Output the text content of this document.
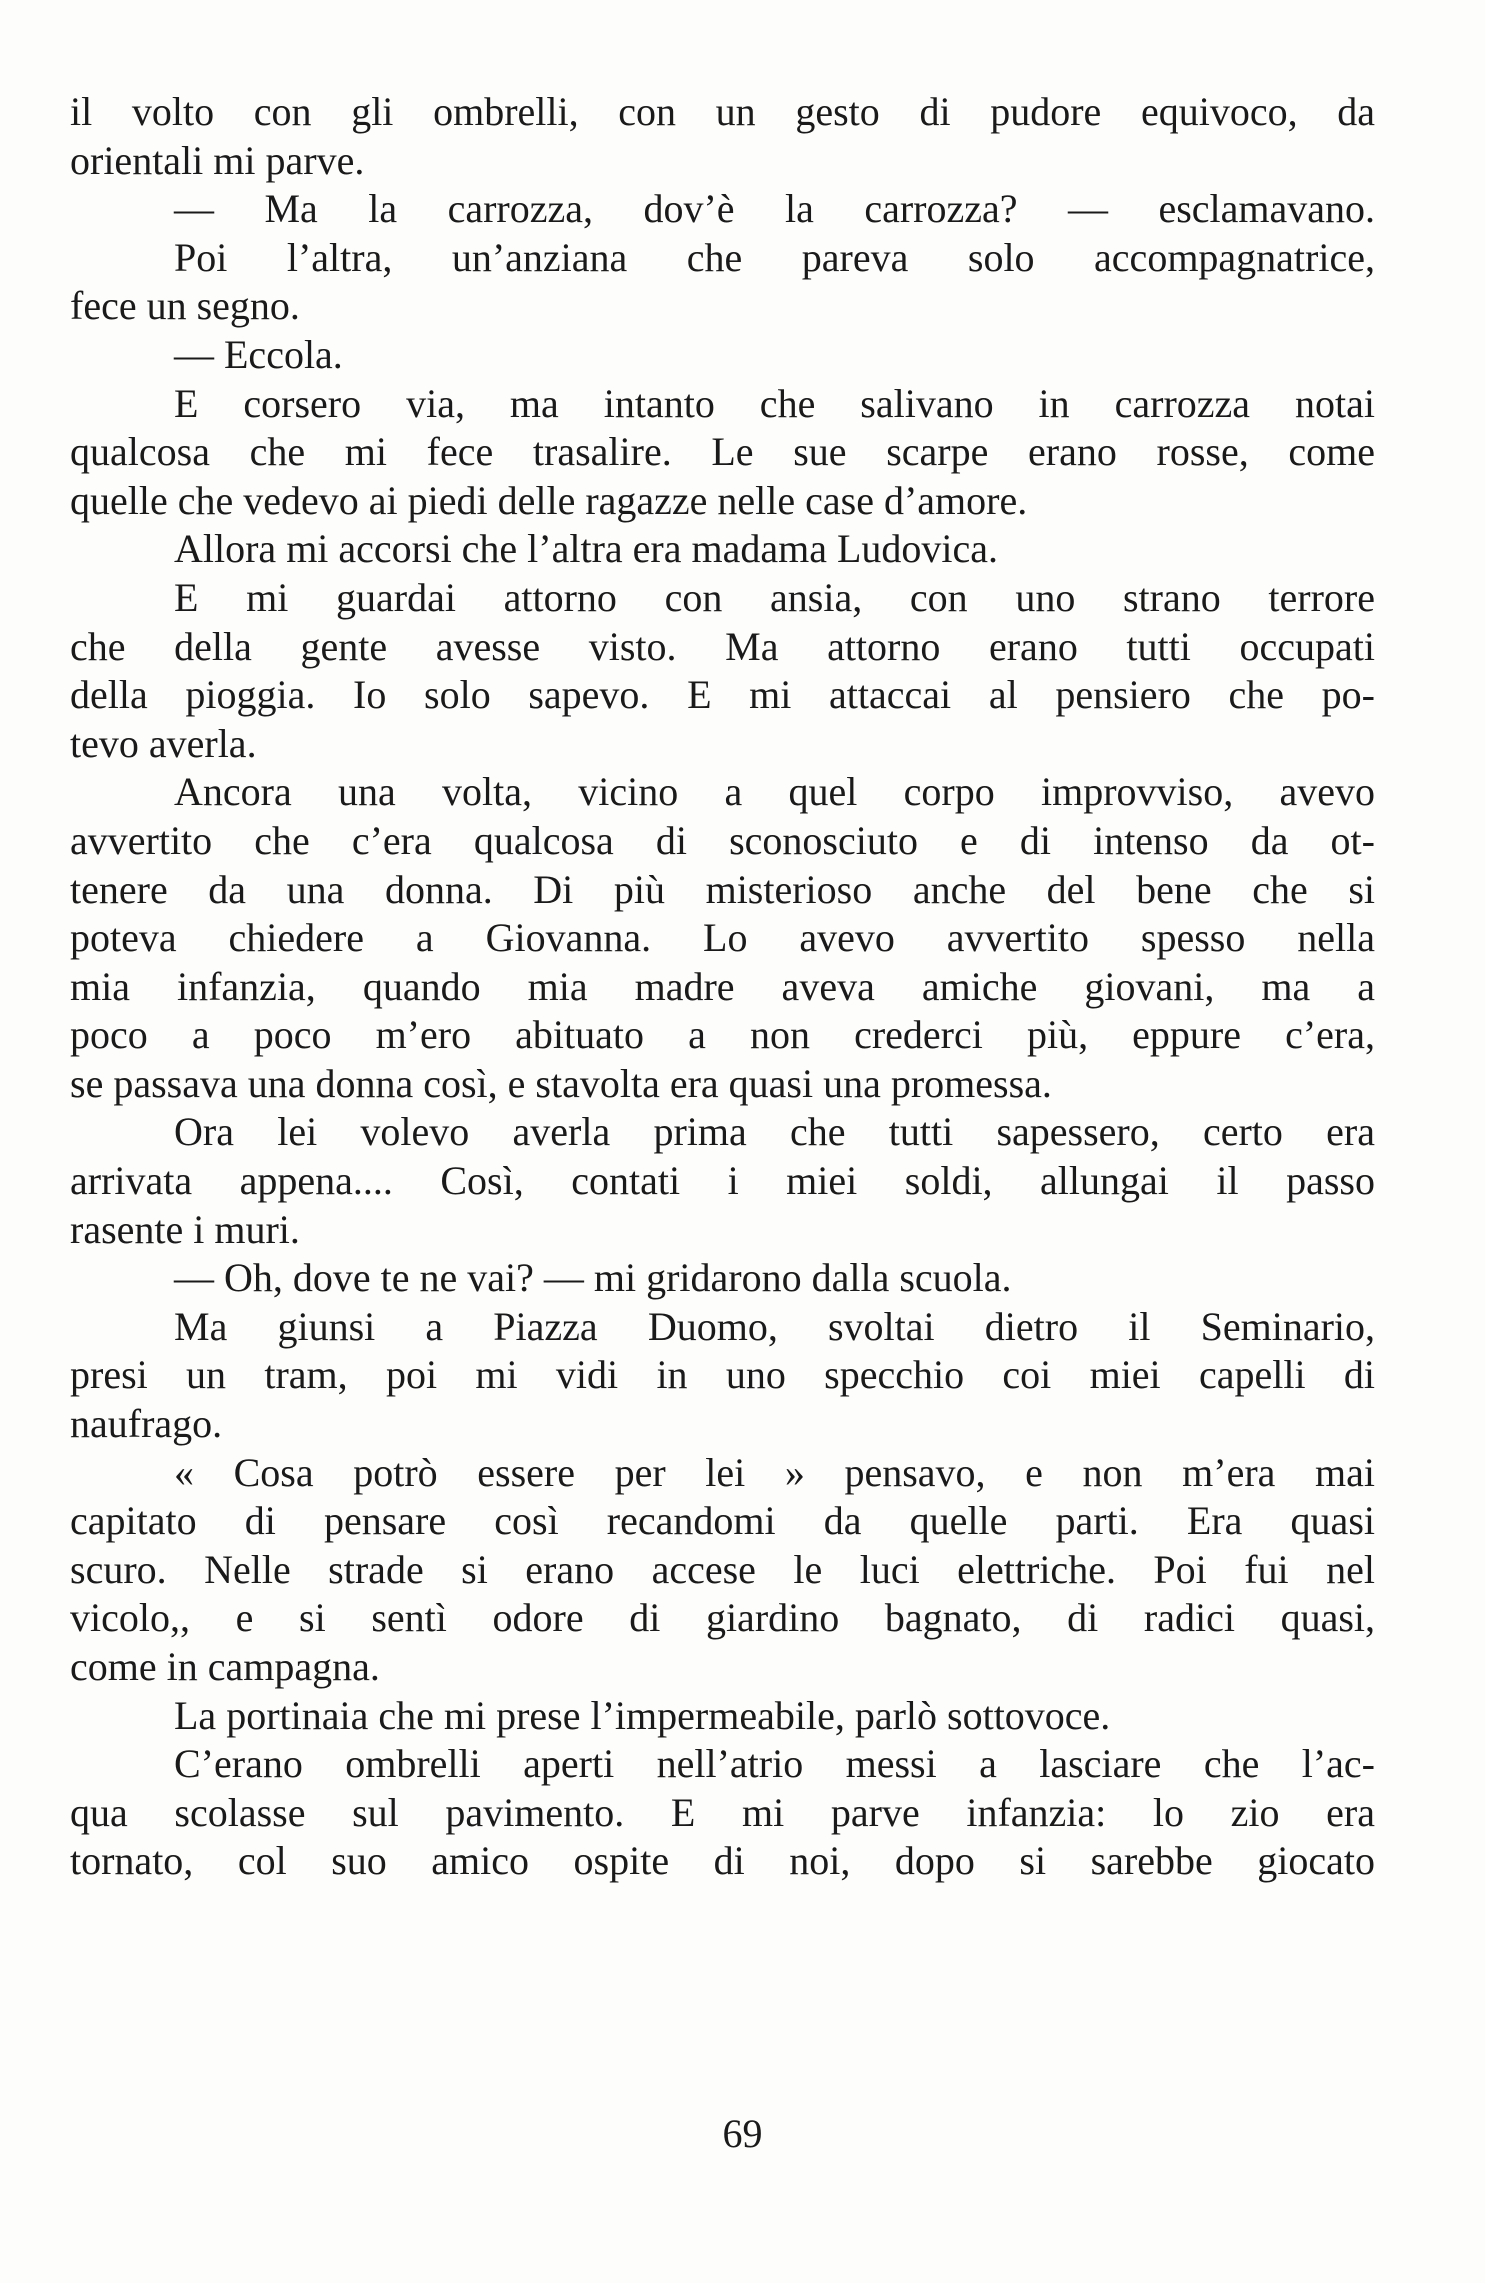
il volto con gli ombrelli, con un gesto di pudore equivoco, da
orientali mi parve.
— Ma la carrozza, dov’è la carrozza? — esclamavano.
Poi l’altra, un’anziana che pareva solo accompagnatrice,
fece un segno.
— Eccola.
E corsero via, ma intanto che salivano in carrozza notai
qualcosa che mi fece trasalire. Le sue scarpe erano rosse, come
quelle che vedevo ai piedi delle ragazze nelle case d’amore.
Allora mi accorsi che l’altra era madama Ludovica.
E mi guardai attorno con ansia, con uno strano terrore
che della gente avesse visto. Ma attorno erano tutti occupati
della pioggia. Io solo sapevo. E mi attaccai al pensiero che po-
tevo averla.
Ancora una volta, vicino a quel corpo improvviso, avevo
avvertito che c’era qualcosa di sconosciuto e di intenso da ot-
tenere da una donna. Di più misterioso anche del bene che si
poteva chiedere a Giovanna. Lo avevo avvertito spesso nella
mia infanzia, quando mia madre aveva amiche giovani, ma a
poco a poco m’ero abituato a non crederci più, eppure c’era,
se passava una donna così, e stavolta era quasi una promessa.
Ora lei volevo averla prima che tutti sapessero, certo era
arrivata appena.... Così, contati i miei soldi, allungai il passo
rasente i muri.
— Oh, dove te ne vai? — mi gridarono dalla scuola.
Ma giunsi a Piazza Duomo, svoltai dietro il Seminario,
presi un tram, poi mi vidi in uno specchio coi miei capelli di
naufrago.
« Cosa potrò essere per lei » pensavo, e non m’era mai
capitato di pensare così recandomi da quelle parti. Era quasi
scuro. Nelle strade si erano accese le luci elettriche. Poi fui nel
vicolo,, e si sentì odore di giardino bagnato, di radici quasi,
come in campagna.
La portinaia che mi prese l’impermeabile, parlò sottovoce.
C’erano ombrelli aperti nell’atrio messi a lasciare che l’ac-
qua scolasse sul pavimento. E mi parve infanzia: lo zio era
tornato, col suo amico ospite di noi, dopo si sarebbe giocato
69
